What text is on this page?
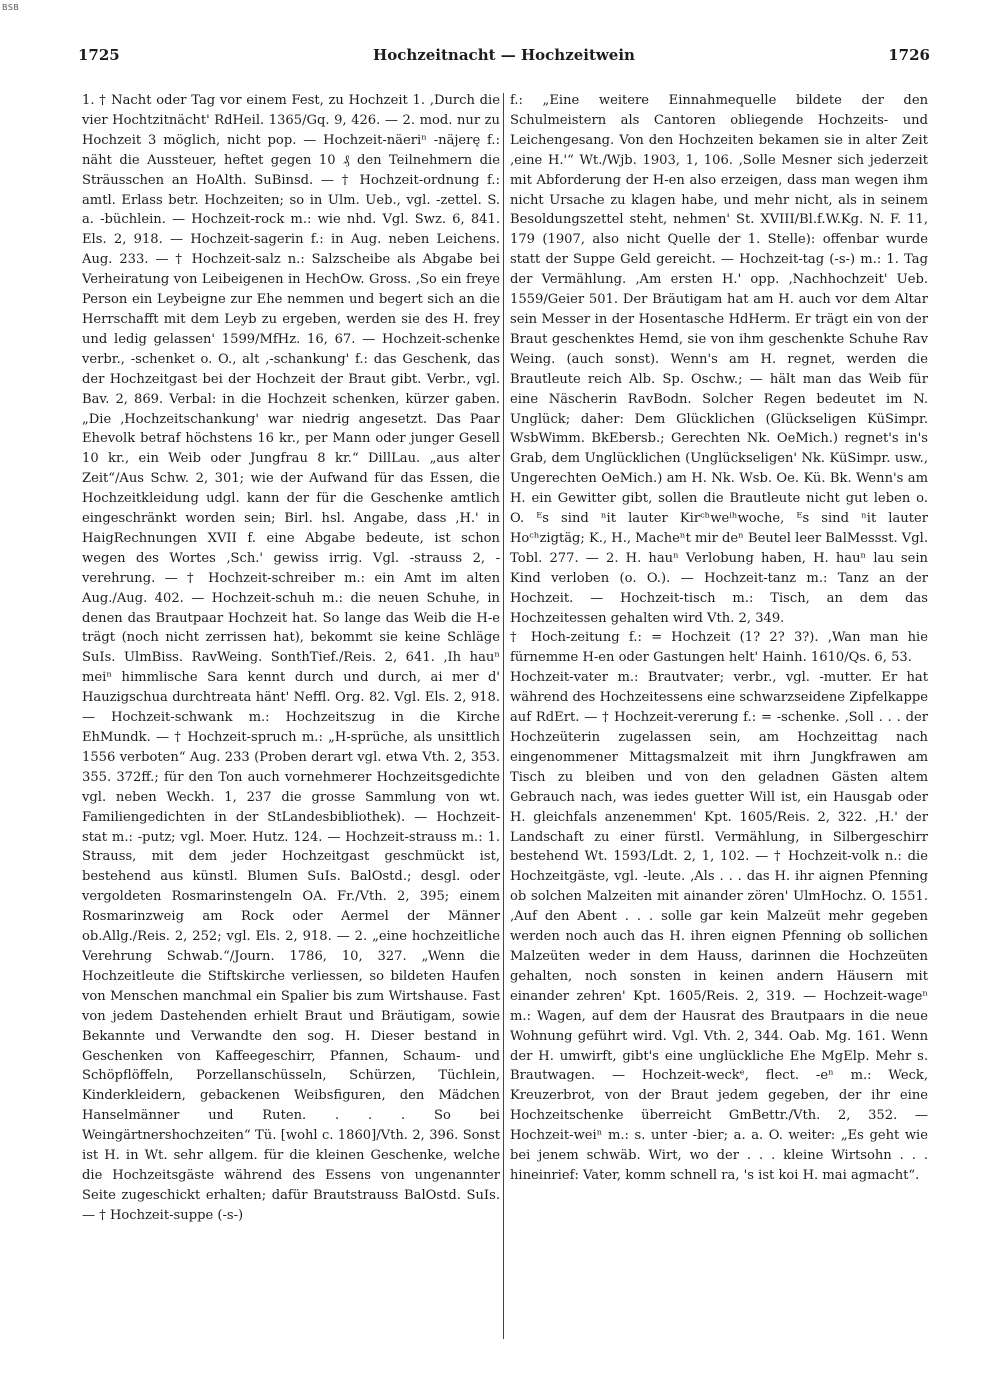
BSB
1725	Hochzeitnacht — Hochzeitwein	1726

1. † Nacht oder Tag vor einem Fest, zu Hochzeit 1. ‚Durch die vier Hochtzitnächt' RdHeil. 1365/Gq. 9, 426. — 2. mod. nur zu Hochzeit 3 möglich, nicht pop. — Hochzeit-näeriⁿ -näjerę f.: näht die Aussteuer, heftet gegen 10 ₰ den Teilnehmern die Sträusschen an HoAlth. SuBinsd. — † Hochzeit-ordnung f.: amtl. Erlass betr. Hochzeiten; so in Ulm. Ueb., vgl. -zettel. S. a. -büchlein. — Hochzeit-rock m.: wie nhd. Vgl. Swz. 6, 841. Els. 2, 918. — Hochzeit-sagerin f.: in Aug. neben Leichens. Aug. 233. — † Hochzeit-salz n.: Salzscheibe als Abgabe bei Verheiratung von Leibeigenen in HechOw. Gross. ‚So ein freye Person ein Leybeigne zur Ehe nemmen und begert sich an die Herrschafft mit dem Leyb zu ergeben, werden sie des H. frey und ledig gelassen' 1599/MfHz. 16, 67. — Hochzeit-schenke verbr., -schenket o. O., alt ‚-schankung' f.: das Geschenk, das der Hochzeitgast bei der Hochzeit der Braut gibt. Verbr., vgl. Bav. 2, 869. Verbal: in die Hochzeit schenken, kürzer gaben. „Die ‚Hochzeitschankung' war niedrig angesetzt. Das Paar Ehevolk betraf höchstens 16 kr., per Mann oder junger Gesell 10 kr., ein Weib oder Jungfrau 8 kr.“ DillLau. „aus alter Zeit“/Aus Schw. 2, 301; wie der Aufwand für das Essen, die Hochzeitkleidung udgl. kann der für die Geschenke amtlich eingeschränkt worden sein; Birl. hsl. Angabe, dass ‚H.' in HaigRechnungen XVII f. eine Abgabe bedeute, ist schon wegen des Wortes ‚Sch.' gewiss irrig. Vgl. -strauss 2, -verehrung. — † Hochzeit-schreiber m.: ein Amt im alten Aug./Aug. 402. — Hochzeit-schuh m.: die neuen Schuhe, in denen das Brautpaar Hochzeit hat. So lange das Weib die H-e trägt (noch nicht zerrissen hat), bekommt sie keine Schläge SuIs. UlmBiss. RavWeing. SonthTief./Reis. 2, 641. ‚Ih hauⁿ meiⁿ himmlische Sara kennt durch und durch, ai mer d' Hauzigschua durchtreata hänt' Neffl. Org. 82. Vgl. Els. 2, 918. — Hochzeit-schwank m.: Hochzeitszug in die Kirche EhMundk. — † Hochzeit-spruch m.: „H-sprüche, als unsittlich 1556 verboten“ Aug. 233 (Proben derart vgl. etwa Vth. 2, 353. 355. 372ff.; für den Ton auch vornehmerer Hochzeitsgedichte vgl. neben Weckh. 1, 237 die grosse Sammlung von wt. Familiengedichten in der StLandesbibliothek). — Hochzeit-stat m.: -putz; vgl. Moer. Hutz. 124. — Hochzeit-strauss m.: 1. Strauss, mit dem jeder Hochzeitgast geschmückt ist, bestehend aus künstl. Blumen SuIs. BalOstd.; desgl. oder vergoldeten Rosmarinstengeln OA. Fr./Vth. 2, 395; einem Rosmarinzweig am Rock oder Aermel der Männer ob.Allg./Reis. 2, 252; vgl. Els. 2, 918. — 2. „eine hochzeitliche Verehrung Schwab.“/Journ. 1786, 10, 327. „Wenn die Hochzeitleute die Stiftskirche verliessen, so bildeten Haufen von Menschen manchmal ein Spalier bis zum Wirtshause. Fast von jedem Dastehenden erhielt Braut und Bräutigam, sowie Bekannte und Verwandte den sog. H. Dieser bestand in Geschenken von Kaffeegeschirr, Pfannen, Schaum- und Schöpflöffeln, Porzellanschüsseln, Schürzen, Tüchlein, Kinderkleidern, gebackenen Weibsfiguren, den Mädchen Hanselmänner und Ruten. . . . So bei Weingärtnershochzeiten“ Tü. [wohl c. 1860]/Vth. 2, 396. Sonst ist H. in Wt. sehr allgem. für die kleinen Geschenke, welche die Hochzeitsgäste während des Essens von ungenannter Seite zugeschickt erhalten; dafür Brautstrauss BalOstd. SuIs. — † Hochzeit-suppe (-s-)

f.: „Eine weitere Einnahmequelle bildete der den Schulmeistern als Cantoren obliegende Hochzeits- und Leichengesang. Von den Hochzeiten bekamen sie in alter Zeit ‚eine H.'“ Wt./Wjb. 1903, 1, 106. ‚Solle Mesner sich jederzeit mit Abforderung der H-en also erzeigen, dass man wegen ihm nicht Ursache zu klagen habe, und mehr nicht, als in seinem Besoldungszettel steht, nehmen' St. XVIII/Bl.f.W.Kg. N. F. 11, 179 (1907, also nicht Quelle der 1. Stelle): offenbar wurde statt der Suppe Geld gereicht. — Hochzeit-tag (-s-) m.: 1. Tag der Vermählung. ‚Am ersten H.' opp. ‚Nachhochzeit' Ueb. 1559/Geier 501. Der Bräutigam hat am H. auch vor dem Altar sein Messer in der Hosentasche HdHerm. Er trägt ein von der Braut geschenktes Hemd, sie von ihm geschenkte Schuhe Rav Weing. (auch sonst). Wenn's am H. regnet, werden die Brautleute reich Alb. Sp. Oschw.; — hält man das Weib für eine Näscherin RavBodn. Solcher Regen bedeutet im N. Unglück; daher: Dem Glücklichen (Glückseligen KüSimpr. WsbWimm. BkEbersb.; Gerechten Nk. OeMich.) regnet's in's Grab, dem Unglücklichen (Unglückseligen' Nk. KüSimpr. usw., Ungerechten OeMich.) am H. Nk. Wsb. Oe. Kü. Bk. Wenn's am H. ein Gewitter gibt, sollen die Brautleute nicht gut leben o. O. ᴱs sind ⁿit lauter Kirᶜʰweⁱʰwoche, ᴱs sind ⁿit lauter Hoᶜʰzigtäg; K., H., Macheⁿt mir deⁿ Beutel leer BalMessst. Vgl. Tobl. 277. — 2. H. hauⁿ Verlobung haben, H. hauⁿ lau sein Kind verloben (o. O.). — Hochzeit-tanz m.: Tanz an der Hochzeit. — Hochzeit-tisch m.: Tisch, an dem das Hochzeitessen gehalten wird Vth. 2, 349.

† Hoch-zeitung f.: = Hochzeit (1? 2? 3?). ‚Wan man hie fürnemme H-en oder Gastungen helt' Hainh. 1610/Qs. 6, 53.

Hochzeit-vater m.: Brautvater; verbr., vgl. -mutter. Er hat während des Hochzeitessens eine schwarzseidene Zipfelkappe auf RdErt. — † Hochzeit-vererung f.: = -schenke. ‚Soll . . . der Hochzeüterin zugelassen sein, am Hochzeittag nach eingenommener Mittagsmalzeit mit ihrn Jungkfrawen am Tisch zu bleiben und von den geladnen Gästen altem Gebrauch nach, was iedes guetter Will ist, ein Hausgab oder H. gleichfals anzenemmen' Kpt. 1605/Reis. 2, 322. ‚H.' der Landschaft zu einer fürstl. Vermählung, in Silbergeschirr bestehend Wt. 1593/Ldt. 2, 1, 102. — † Hochzeit-volk n.: die Hochzeitgäste, vgl. -leute. ‚Als . . . das H. ihr aignen Pfenning ob solchen Malzeiten mit ainander zören' UlmHochz. O. 1551. ‚Auf den Abent . . . solle gar kein Malzeüt mehr gegeben werden noch auch das H. ihren eignen Pfenning ob sollichen Malzeüten weder in dem Hauss, darinnen die Hochzeüten gehalten, noch sonsten in keinen andern Häusern mit einander zehren' Kpt. 1605/Reis. 2, 319. — Hochzeit-wageⁿ m.: Wagen, auf dem der Hausrat des Brautpaars in die neue Wohnung geführt wird. Vgl. Vth. 2, 344. Oab. Mg. 161. Wenn der H. umwirft, gibt's eine unglückliche Ehe MgElp. Mehr s. Brautwagen. — Hochzeit-weckᵉ, flect. -eⁿ m.: Weck, Kreuzerbrot, von der Braut jedem gegeben, der ihr eine Hochzeitschenke überreicht GmBettr./Vth. 2, 352. — Hochzeit-weiⁿ m.: s. unter -bier; a. a. O. weiter: „Es geht wie bei jenem schwäb. Wirt, wo der . . . kleine Wirtsohn . . . hineinrief: Vater, komm schnell ra, 's ist koi H. mai agmacht“.
